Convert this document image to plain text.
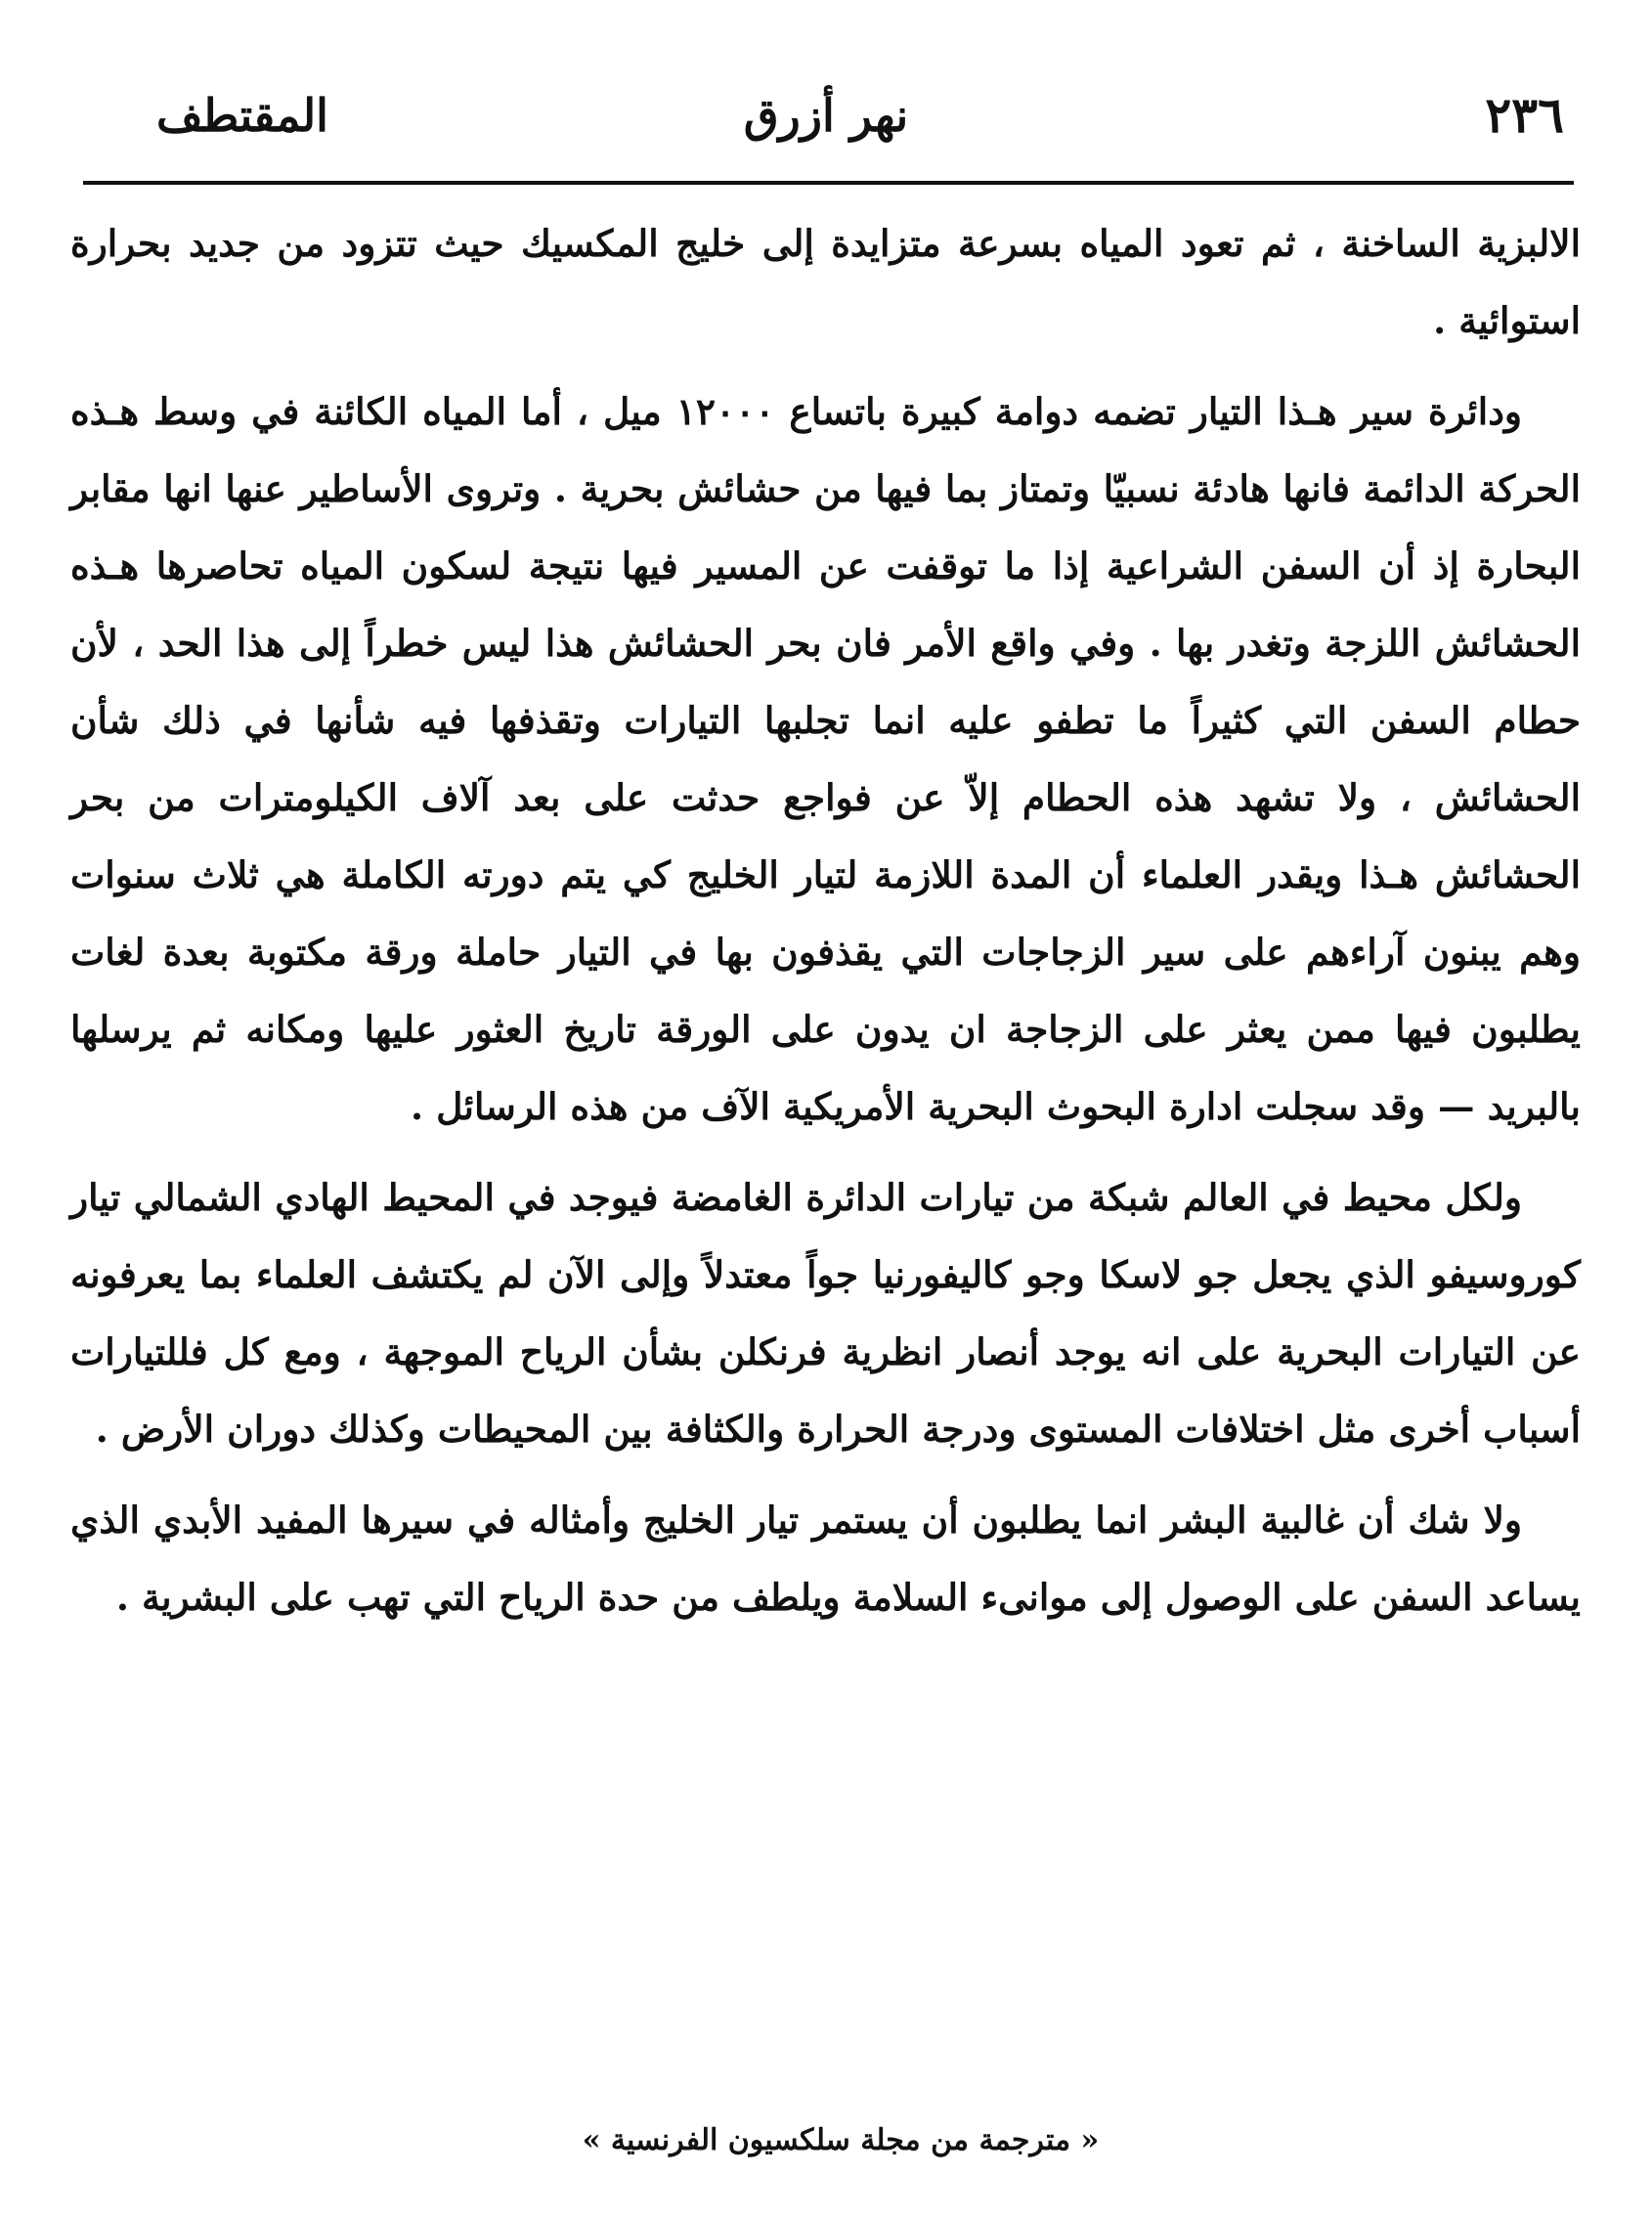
٢٣٦
نهر أزرق
المقتطف

الالبزية الساخنة ، ثم تعود المياه بسرعة متزايدة إلى خليج المكسيك حيث تتزود من جديد بحرارة استوائية .

ودائرة سير هـذا التيار تضمه دوامة كبيرة باتساع ١٢٠٠٠ ميل ، أما المياه الكائنة في وسط هـذه الحركة الدائمة فانها هادئة نسبيّا وتمتاز بما فيها من حشائش بحرية . وتروى الأساطير عنها انها مقابر البحارة إذ أن السفن الشراعية إذا ما توقفت عن المسير فيها نتيجة لسكون المياه تحاصرها هـذه الحشائش اللزجة وتغدر بها . وفي واقع الأمر فان بحر الحشائش هذا ليس خطراً إلى هذا الحد ، لأن حطام السفن التي كثيراً ما تطفو عليه انما تجلبها التيارات وتقذفها فيه شأنها في ذلك شأن الحشائش ، ولا تشهد هذه الحطام إلاّ عن فواجع حدثت على بعد آلاف الكيلومترات من بحر الحشائش هـذا ويقدر العلماء أن المدة اللازمة لتيار الخليج كي يتم دورته الكاملة هي ثلاث سنوات وهم يبنون آراءهم على سير الزجاجات التي يقذفون بها في التيار حاملة ورقة مكتوبة بعدة لغات يطلبون فيها ممن يعثر على الزجاجة ان يدون على الورقة تاريخ العثور عليها ومكانه ثم يرسلها بالبريد — وقد سجلت ادارة البحوث البحرية الأمريكية الآف من هذه الرسائل .

ولكل محيط في العالم شبكة من تيارات الدائرة الغامضة فيوجد في المحيط الهادي الشمالي تيار كوروسيفو الذي يجعل جو لاسكا وجو كاليفورنيا جواً معتدلاً وإلى الآن لم يكتشف العلماء بما يعرفونه عن التيارات البحرية على انه يوجد أنصار انظرية فرنكلن بشأن الرياح الموجهة ، ومع كل فللتيارات أسباب أخرى مثل اختلافات المستوى ودرجة الحرارة والكثافة بين المحيطات وكذلك دوران الأرض .

ولا شك أن غالبية البشر انما يطلبون أن يستمر تيار الخليج وأمثاله في سيرها المفيد الأبدي الذي يساعد السفن على الوصول إلى موانىء السلامة ويلطف من حدة الرياح التي تهب على البشرية .

« مترجمة من مجلة سلكسيون الفرنسية »
